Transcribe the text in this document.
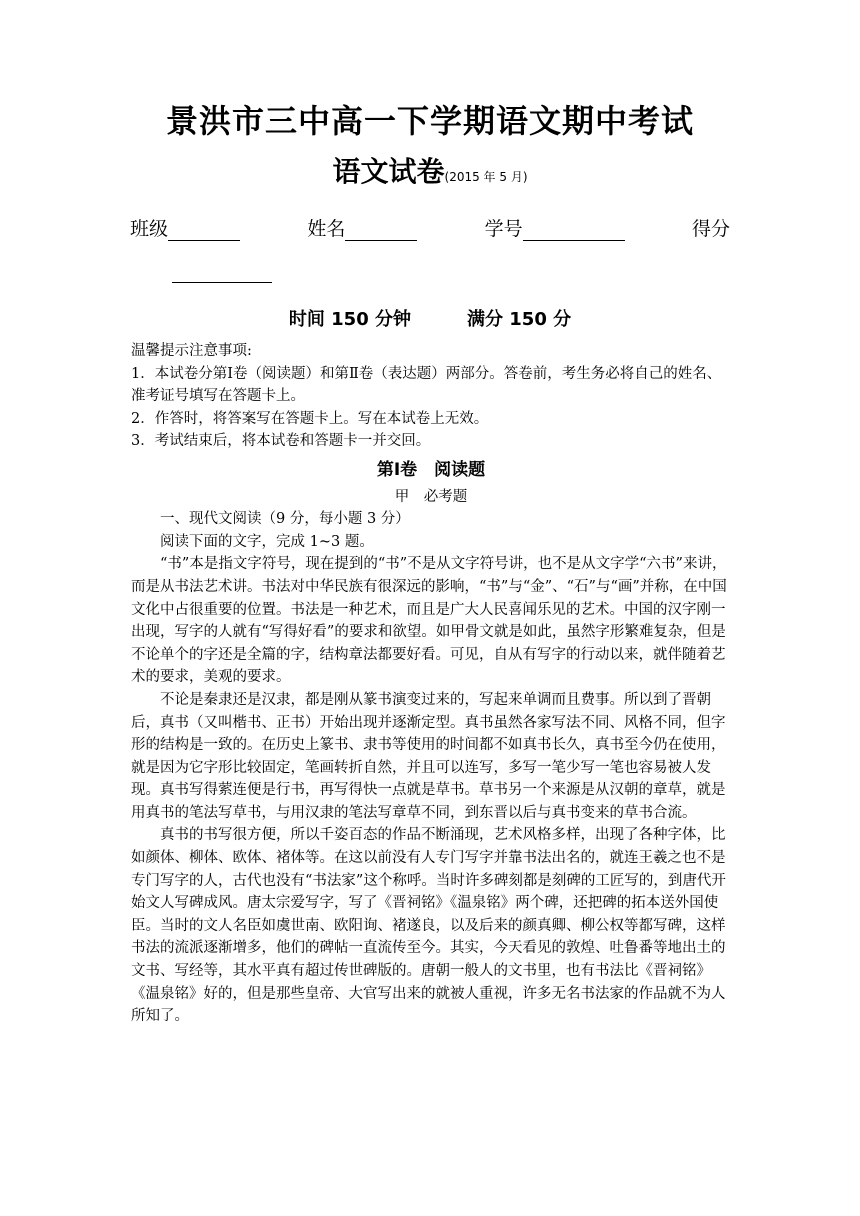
景洪市三中高一下学期语文期中考试
语文试卷(2015 年 5 月)
班级	姓名	学号	得分
时间 150 分钟	满分 150 分

温馨提示注意事项:

1．本试卷分第Ⅰ卷（阅读题）和第Ⅱ卷（表达题）两部分。答卷前，考生务必将自己的姓名、准考证号填写在答题卡上。

2．作答时，将答案写在答题卡上。写在本试卷上无效。

3．考试结束后，将本试卷和答题卡一并交回。

第Ⅰ卷　阅读题

甲　必考题

一、现代文阅读（9 分，每小题 3 分）

阅读下面的文字，完成 1~3 题。

“书”本是指文字符号，现在提到的“书”不是从文字符号讲，也不是从文字学“六书”来讲，而是从书法艺术讲。书法对中华民族有很深远的影响，“书”与“金”、“石”与“画”并称，在中国文化中占很重要的位置。书法是一种艺术，而且是广大人民喜闻乐见的艺术。中国的汉字刚一出现，写字的人就有“写得好看”的要求和欲望。如甲骨文就是如此，虽然字形繁难复杂，但是不论单个的字还是全篇的字，结构章法都要好看。可见，自从有写字的行动以来，就伴随着艺术的要求，美观的要求。

不论是秦隶还是汉隶，都是刚从篆书演变过来的，写起来单调而且费事。所以到了晋朝后，真书（又叫楷书、正书）开始出现并逐渐定型。真书虽然各家写法不同、风格不同，但字形的结构是一致的。在历史上篆书、隶书等使用的时间都不如真书长久，真书至今仍在使用，就是因为它字形比较固定，笔画转折自然，并且可以连写，多写一笔少写一笔也容易被人发现。真书写得萦连便是行书，再写得快一点就是草书。草书另一个来源是从汉朝的章草，就是用真书的笔法写草书，与用汉隶的笔法写章草不同，到东晋以后与真书变来的草书合流。

真书的书写很方便，所以千姿百态的作品不断涌现，艺术风格多样，出现了各种字体，比如颜体、柳体、欧体、褚体等。在这以前没有人专门写字并靠书法出名的，就连王羲之也不是专门写字的人，古代也没有“书法家”这个称呼。当时许多碑刻都是刻碑的工匠写的，到唐代开始文人写碑成风。唐太宗爱写字，写了《晋祠铭》《温泉铭》两个碑，还把碑的拓本送外国使臣。当时的文人名臣如虞世南、欧阳询、褚遂良，以及后来的颜真卿、柳公权等都写碑，这样书法的流派逐渐增多，他们的碑帖一直流传至今。其实，今天看见的敦煌、吐鲁番等地出土的文书、写经等，其水平真有超过传世碑版的。唐朝一般人的文书里，也有书法比《晋祠铭》《温泉铭》好的，但是那些皇帝、大官写出来的就被人重视，许多无名书法家的作品就不为人所知了。
